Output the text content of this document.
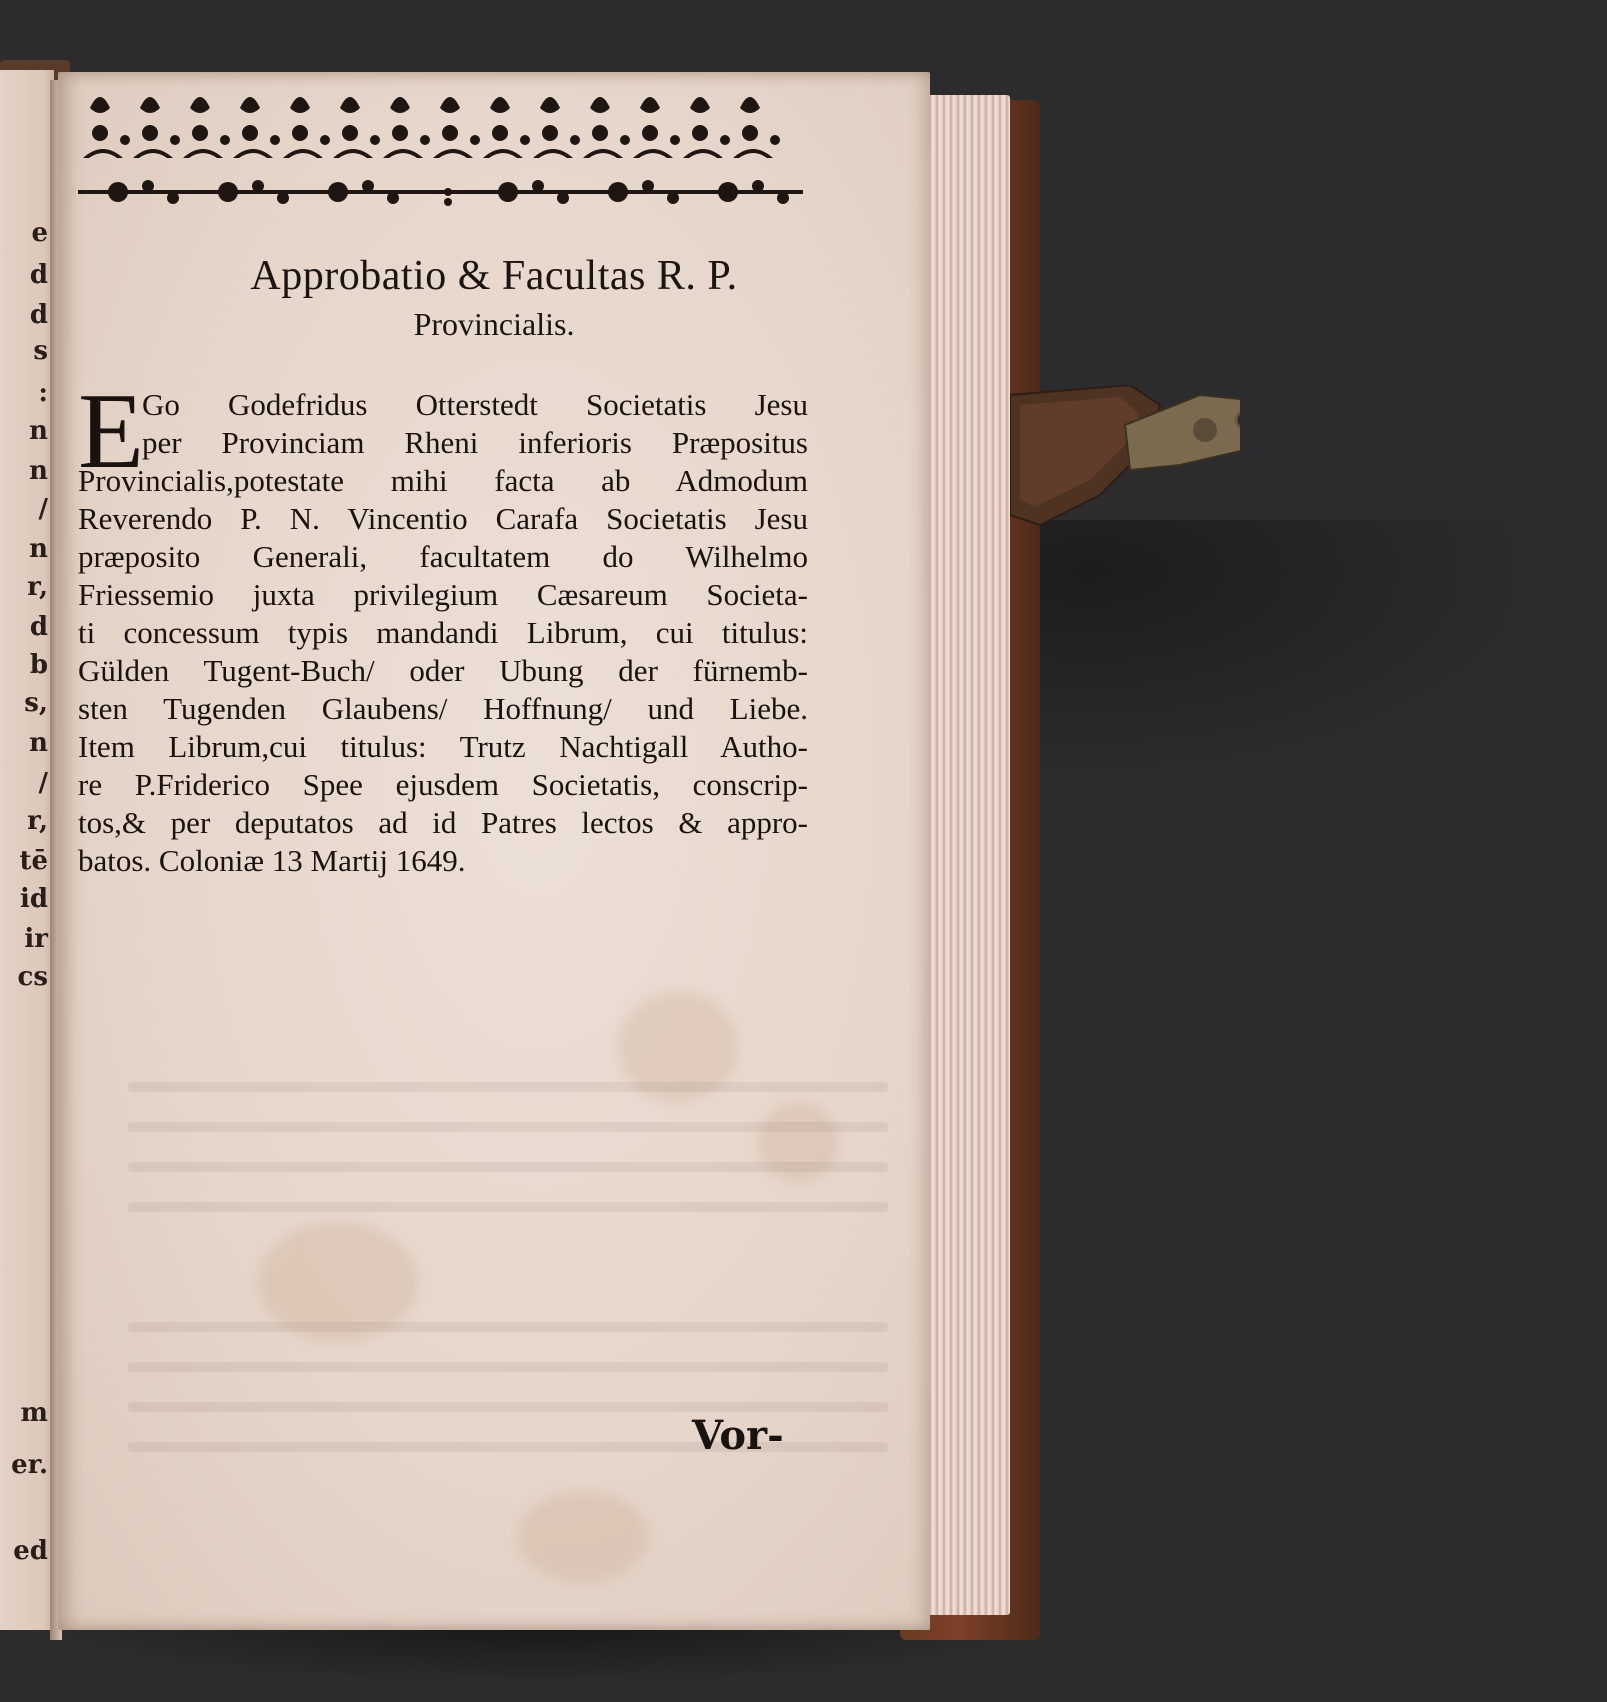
e
d
d
s
:
n
n
/
n
r,
d
b
s,
n
/
r,
tē
id
ir
cs
m
er.
ed
Approbatio & Facultas R. P.
Provincialis.
E
Go Godefridus Otterstedt Societatis Jesu
per Provinciam Rheni inferioris Præpositus
Provincialis,potestate mihi facta ab Admodum
Reverendo P. N. Vincentio Carafa Societatis Jesu
præposito Generali, facultatem do Wilhelmo
Friessemio juxta privilegium Cæsareum Societa-
ti concessum typis mandandi Librum, cui titulus:
Gülden Tugent-Buch/ oder Ubung der fürnemb-
sten Tugenden Glaubens/ Hoffnung/ und Liebe.
Item Librum,cui titulus: Trutz Nachtigall Autho-
re P.Friderico Spee ejusdem Societatis, conscrip-
tos,& per deputatos ad id Patres lectos & appro-
batos. Coloniæ 13 Martij 1649.
Vor-
